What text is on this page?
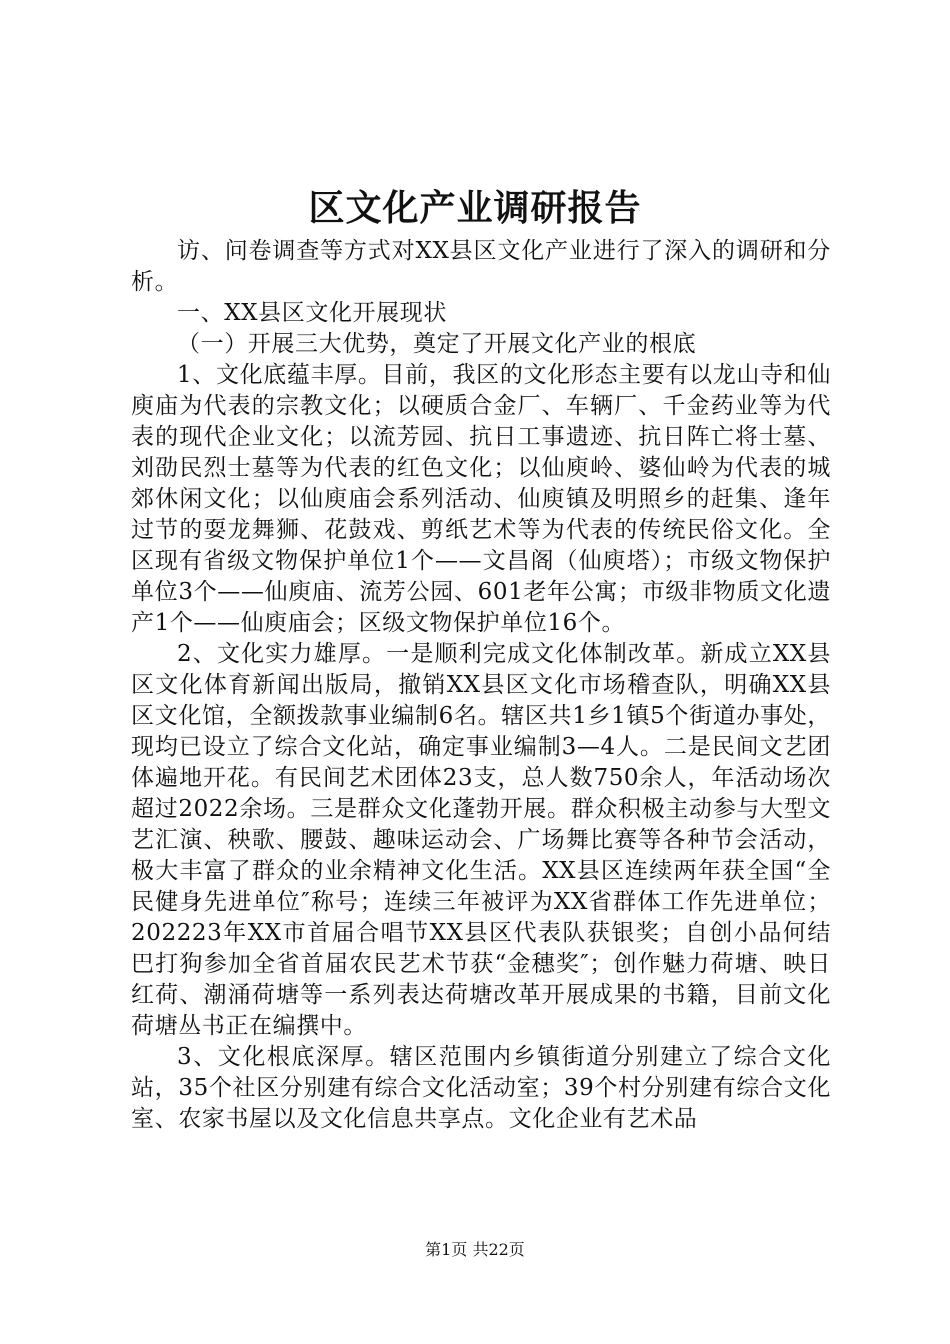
区文化产业调研报告

访、问卷调查等方式对XX县区文化产业进行了深入的调研和分析。

一、XX县区文化开展现状

（一）开展三大优势，奠定了开展文化产业的根底

1、文化底蕴丰厚。目前，我区的文化形态主要有以龙山寺和仙庾庙为代表的宗教文化；以硬质合金厂、车辆厂、千金药业等为代表的现代企业文化；以流芳园、抗日工事遗迹、抗日阵亡将士墓、刘劭民烈士墓等为代表的红色文化；以仙庾岭、婆仙岭为代表的城郊休闲文化；以仙庾庙会系列活动、仙庾镇及明照乡的赶集、逢年过节的耍龙舞狮、花鼓戏、剪纸艺术等为代表的传统民俗文化。全区现有省级文物保护单位1个——文昌阁（仙庾塔）；市级文物保护单位3个——仙庾庙、流芳公园、601老年公寓；市级非物质文化遗产1个——仙庾庙会；区级文物保护单位16个。

2、文化实力雄厚。一是顺利完成文化体制改革。新成立XX县区文化体育新闻出版局，撤销XX县区文化市场稽查队，明确XX县区文化馆，全额拨款事业编制6名。辖区共1乡1镇5个街道办事处，现均已设立了综合文化站，确定事业编制3—4人。二是民间文艺团体遍地开花。有民间艺术团体23支，总人数750余人，年活动场次超过2022余场。三是群众文化蓬勃开展。群众积极主动参与大型文艺汇演、秧歌、腰鼓、趣味运动会、广场舞比赛等各种节会活动，极大丰富了群众的业余精神文化生活。XX县区连续两年获全国“全民健身先进单位″称号；连续三年被评为XX省群体工作先进单位；202223年XX市首届合唱节XX县区代表队获银奖；自创小品何结巴打狗参加全省首届农民艺术节获“金穗奖″；创作魅力荷塘、映日红荷、潮涌荷塘等一系列表达荷塘改革开展成果的书籍，目前文化荷塘丛书正在编撰中。

3、文化根底深厚。辖区范围内乡镇街道分别建立了综合文化站，35个社区分别建有综合文化活动室；39个村分别建有综合文化室、农家书屋以及文化信息共享点。文化企业有艺术品

第1页 共22页
